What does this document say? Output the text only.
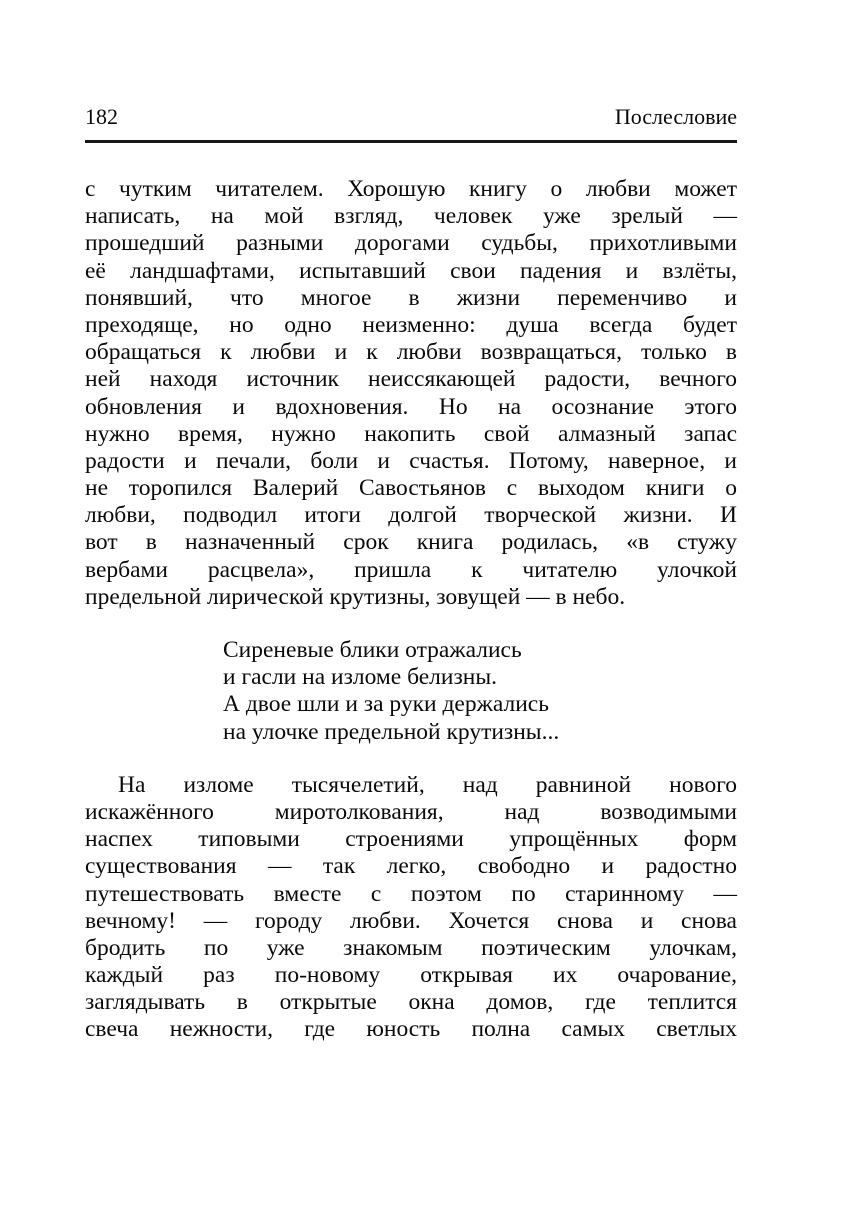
182	Послесловие
с чутким читателем. Хорошую книгу о любви может
написать, на мой взгляд, человек уже зрелый —
прошедший разными дорогами судьбы, прихотливыми
её ландшафтами, испытавший свои падения и взлёты,
понявший, что многое в жизни переменчиво и
преходяще, но одно неизменно: душа всегда будет
обращаться к любви и к любви возвращаться, только в
ней находя источник неиссякающей радости, вечного
обновления и вдохновения. Но на осознание этого
нужно время, нужно накопить свой алмазный запас
радости и печали, боли и счастья. Потому, наверное, и
не торопился Валерий Савостьянов с выходом книги о
любви, подводил итоги долгой творческой жизни. И
вот в назначенный срок книга родилась, «в стужу
вербами расцвела», пришла к читателю улочкой
предельной лирической крутизны, зовущей — в небо.
Сиреневые блики отражались
и гасли на изломе белизны.
А двое шли и за руки держались
на улочке предельной крутизны...
На изломе тысячелетий, над равниной нового
искажённого миротолкования, над возводимыми
наспех типовыми строениями упрощённых форм
существования — так легко, свободно и радостно
путешествовать вместе с поэтом по старинному —
вечному! — городу любви. Хочется снова и снова
бродить по уже знакомым поэтическим улочкам,
каждый раз по-новому открывая их очарование,
заглядывать в открытые окна домов, где теплится
свеча нежности, где юность полна самых светлых
